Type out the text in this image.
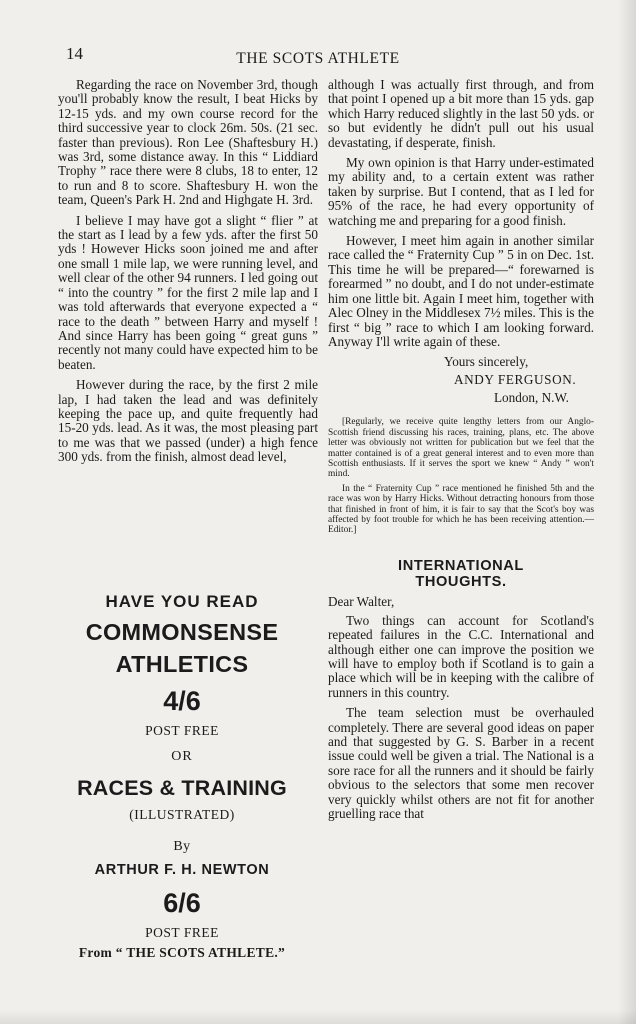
14	THE SCOTS ATHLETE

Regarding the race on November 3rd, though you'll probably know the result, I beat Hicks by 12-15 yds. and my own course record for the third successive year to clock 26m. 50s. (21 sec. faster than previous). Ron Lee (Shaftesbury H.) was 3rd, some distance away. In this “ Liddiard Trophy ” race there were 8 clubs, 18 to enter, 12 to run and 8 to score. Shaftesbury H. won the team, Queen's Park H. 2nd and Highgate H. 3rd.

I believe I may have got a slight “ flier ” at the start as I lead by a few yds. after the first 50 yds ! However Hicks soon joined me and after one small 1 mile lap, we were running level, and well clear of the other 94 runners. I led going out “ into the country ” for the first 2 mile lap and I was told afterwards that everyone expected a “ race to the death ” between Harry and myself ! And since Harry has been going “ great guns ” recently not many could have expected him to be beaten.

However during the race, by the first 2 mile lap, I had taken the lead and was definitely keeping the pace up, and quite frequently had 15-20 yds. lead. As it was, the most pleasing part to me was that we passed (under) a high fence 300 yds. from the finish, almost dead level,

HAVE YOU READ
COMMONSENSE
ATHLETICS
4/6
POST FREE
OR
RACES & TRAINING
(ILLUSTRATED)
By
ARTHUR F. H. NEWTON
6/6
POST FREE
From “ THE SCOTS ATHLETE.”

although I was actually first through, and from that point I opened up a bit more than 15 yds. gap which Harry reduced slightly in the last 50 yds. or so but evidently he didn't pull out his usual devastating, if desperate, finish.

My own opinion is that Harry under-estimated my ability and, to a certain extent was rather taken by surprise. But I contend, that as I led for 95% of the race, he had every opportunity of watching me and preparing for a good finish.

However, I meet him again in another similar race called the “ Fraternity Cup ” 5 in on Dec. 1st. This time he will be prepared—“ forewarned is forearmed ” no doubt, and I do not under-estimate him one little bit. Again I meet him, together with Alec Olney in the Middlesex 7½ miles. This is the first “ big ” race to which I am looking forward. Anyway I'll write again of these.

Yours sincerely,
ANDY FERGUSON.
London, N.W.

[Regularly, we receive quite lengthy letters from our Anglo-Scottish friend discussing his races, training, plans, etc. The above letter was obviously not written for publication but we feel that the matter contained is of a great general interest and to even more than Scottish enthusiasts. If it serves the sport we knew “ Andy ” won't mind.

In the “ Fraternity Cup ” race mentioned he finished 5th and the race was won by Harry Hicks. Without detracting honours from those that finished in front of him, it is fair to say that the Scot's boy was affected by foot trouble for which he has been receiving attention.—Editor.]

INTERNATIONAL
THOUGHTS.
Dear Walter,

Two things can account for Scotland's repeated failures in the C.C. International and although either one can improve the position we will have to employ both if Scotland is to gain a place which will be in keeping with the calibre of runners in this country.

The team selection must be overhauled completely. There are several good ideas on paper and that suggested by G. S. Barber in a recent issue could well be given a trial. The National is a sore race for all the runners and it should be fairly obvious to the selectors that some men recover very quickly whilst others are not fit for another gruelling race that
